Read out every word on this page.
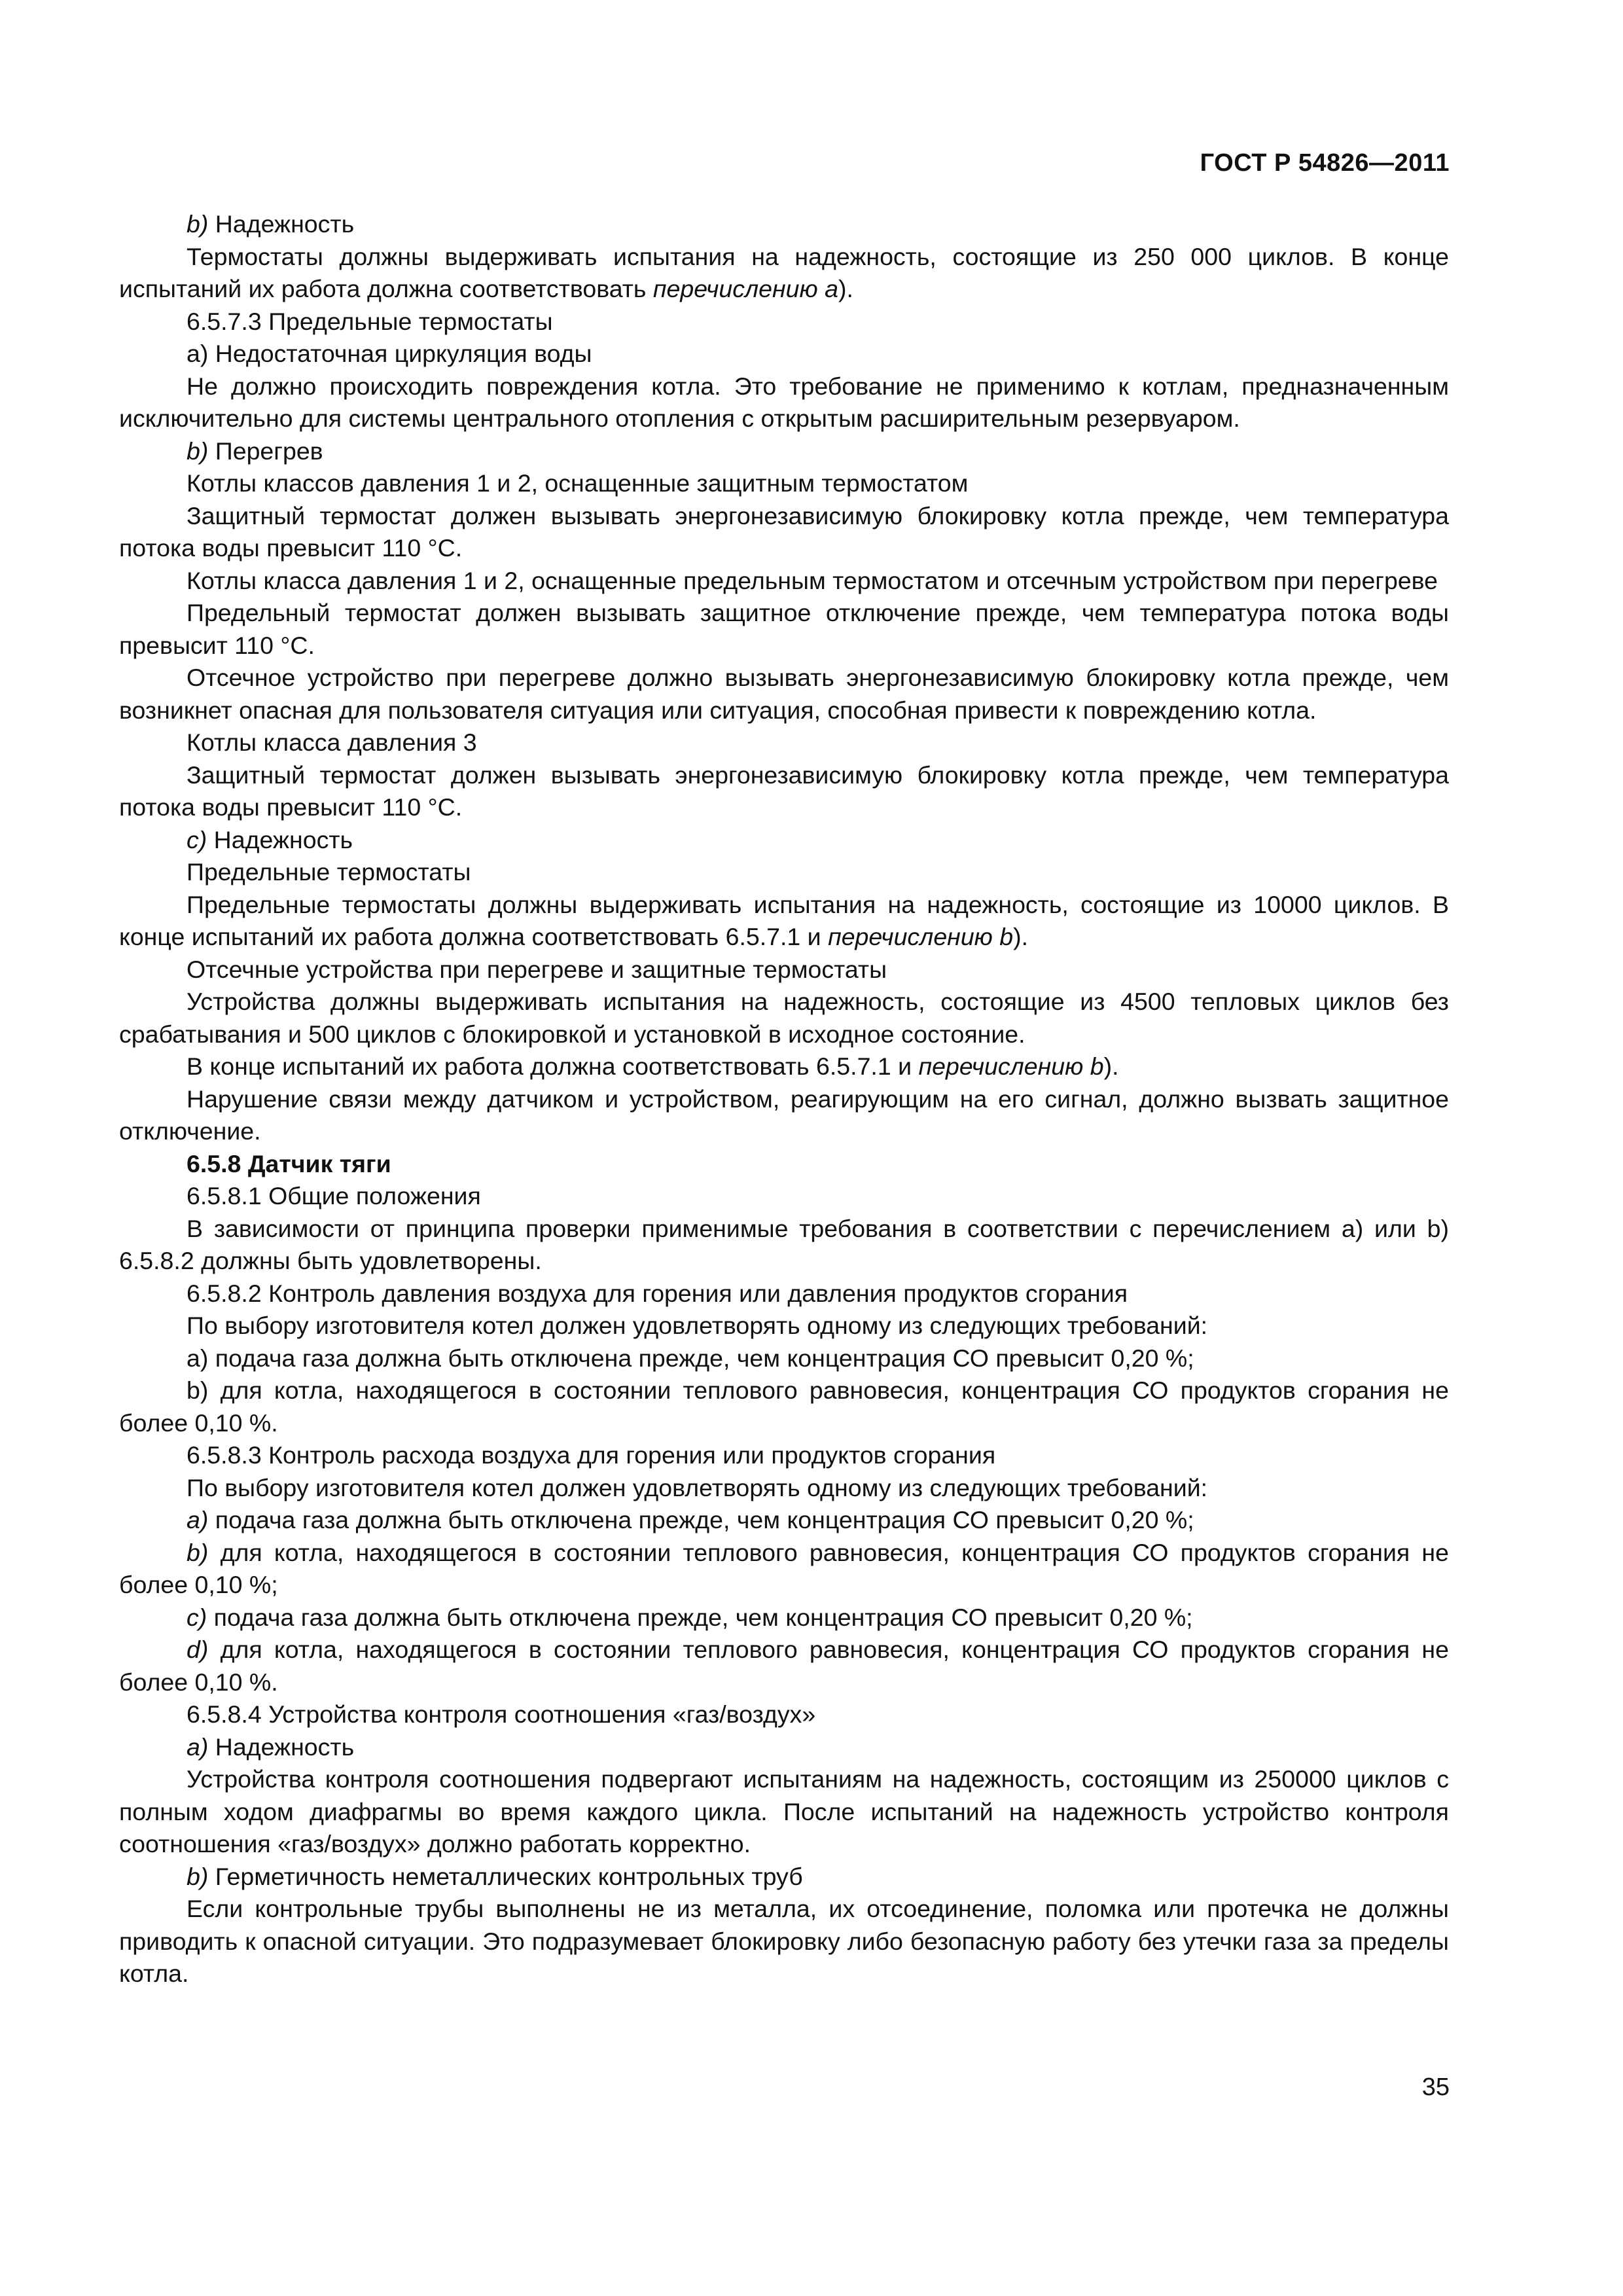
ГОСТ Р 54826—2011

b) Надежность

Термостаты должны выдерживать испытания на надежность, состоящие из 250 000 циклов. В конце испытаний их работа должна соответствовать перечислению а).

6.5.7.3 Предельные термостаты

а) Недостаточная циркуляция воды

Не должно происходить повреждения котла. Это требование не применимо к котлам, предназначенным исключительно для системы центрального отопления с открытым расширительным резервуаром.

b) Перегрев

Котлы классов давления 1 и 2, оснащенные защитным термостатом

Защитный термостат должен вызывать энергонезависимую блокировку котла прежде, чем температура потока воды превысит 110 °С.

Котлы класса давления 1 и 2, оснащенные предельным термостатом и отсечным устройством при перегреве

Предельный термостат должен вызывать защитное отключение прежде, чем температура потока воды превысит 110 °С.

Отсечное устройство при перегреве должно вызывать энергонезависимую блокировку котла прежде, чем возникнет опасная для пользователя ситуация или ситуация, способная привести к повреждению котла.

Котлы класса давления 3

Защитный термостат должен вызывать энергонезависимую блокировку котла прежде, чем температура потока воды превысит 110 °С.

c) Надежность

Предельные термостаты

Предельные термостаты должны выдерживать испытания на надежность, состоящие из 10000 циклов. В конце испытаний их работа должна соответствовать 6.5.7.1 и перечислению b).

Отсечные устройства при перегреве и защитные термостаты

Устройства должны выдерживать испытания на надежность, состоящие из 4500 тепловых циклов без срабатывания и 500 циклов с блокировкой и установкой в исходное состояние.

В конце испытаний их работа должна соответствовать 6.5.7.1 и перечислению b).

Нарушение связи между датчиком и устройством, реагирующим на его сигнал, должно вызвать защитное отключение.

6.5.8 Датчик тяги

6.5.8.1 Общие положения

В зависимости от принципа проверки применимые требования в соответствии с перечислением а) или b) 6.5.8.2 должны быть удовлетворены.

6.5.8.2 Контроль давления воздуха для горения или давления продуктов сгорания

По выбору изготовителя котел должен удовлетворять одному из следующих требований:

а) подача газа должна быть отключена прежде, чем концентрация СО превысит 0,20 %;

b) для котла, находящегося в состоянии теплового равновесия, концентрация СО продуктов сгорания не более 0,10 %.

6.5.8.3 Контроль расхода воздуха для горения или продуктов сгорания

По выбору изготовителя котел должен удовлетворять одному из следующих требований:

а) подача газа должна быть отключена прежде, чем концентрация СО превысит 0,20 %;

b) для котла, находящегося в состоянии теплового равновесия, концентрация СО продуктов сгорания не более 0,10 %;

c) подача газа должна быть отключена прежде, чем концентрация СО превысит 0,20 %;

d) для котла, находящегося в состоянии теплового равновесия, концентрация СО продуктов сгорания не более 0,10 %.

6.5.8.4 Устройства контроля соотношения «газ/воздух»

а) Надежность

Устройства контроля соотношения подвергают испытаниям на надежность, состоящим из 250000 циклов с полным ходом диафрагмы во время каждого цикла. После испытаний на надежность устройство контроля соотношения «газ/воздух» должно работать корректно.

b) Герметичность неметаллических контрольных труб

Если контрольные трубы выполнены не из металла, их отсоединение, поломка или протечка не должны приводить к опасной ситуации. Это подразумевает блокировку либо безопасную работу без утечки газа за пределы котла.

35
